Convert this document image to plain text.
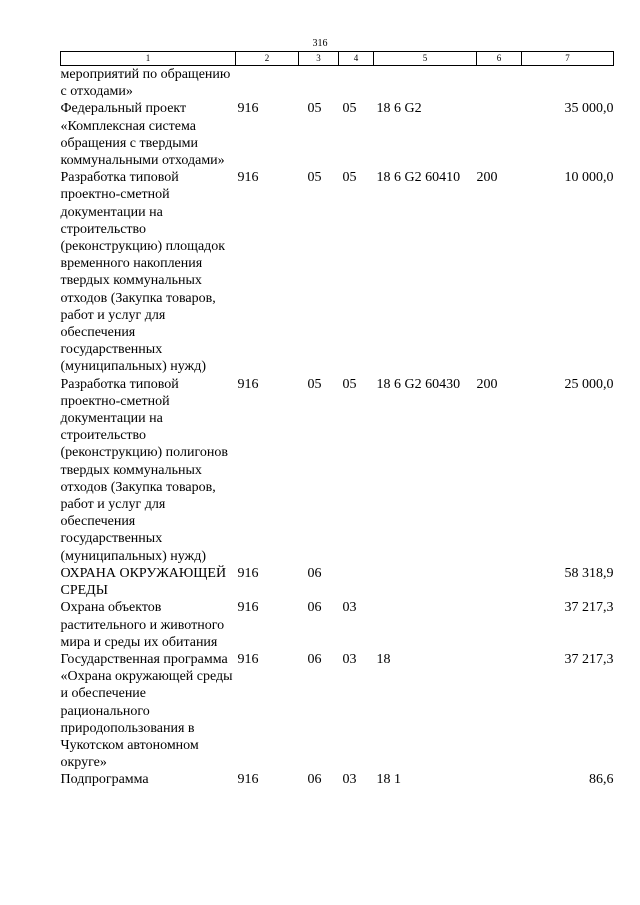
316
1	2	3	4	5	6	7
мероприятий по обращению с отходами»						
Федеральный проект «Комплексная система обращения с твердыми коммунальными отходами»	916	05	05	18 6 G2		35 000,0
Разработка типовой проектно-сметной документации на строительство (реконструкцию) площадок временного накопления твердых коммунальных отходов (Закупка товаров, работ и услуг для обеспечения государственных (муниципальных) нужд)	916	05	05	18 6 G2 60410	200	10 000,0
Разработка типовой проектно-сметной документации на строительство (реконструкцию) полигонов твердых коммунальных отходов (Закупка товаров, работ и услуг для обеспечения государственных (муниципальных) нужд)	916	05	05	18 6 G2 60430	200	25 000,0
ОХРАНА ОКРУЖАЮЩЕЙ СРЕДЫ	916	06				58 318,9
Охрана объектов растительного и животного мира и среды их обитания	916	06	03			37 217,3
Государственная программа «Охрана окружающей среды и обеспечение рационального природопользования в Чукотском автономном округе»	916	06	03	18		37 217,3
Подпрограмма	916	06	03	18 1		86,6
